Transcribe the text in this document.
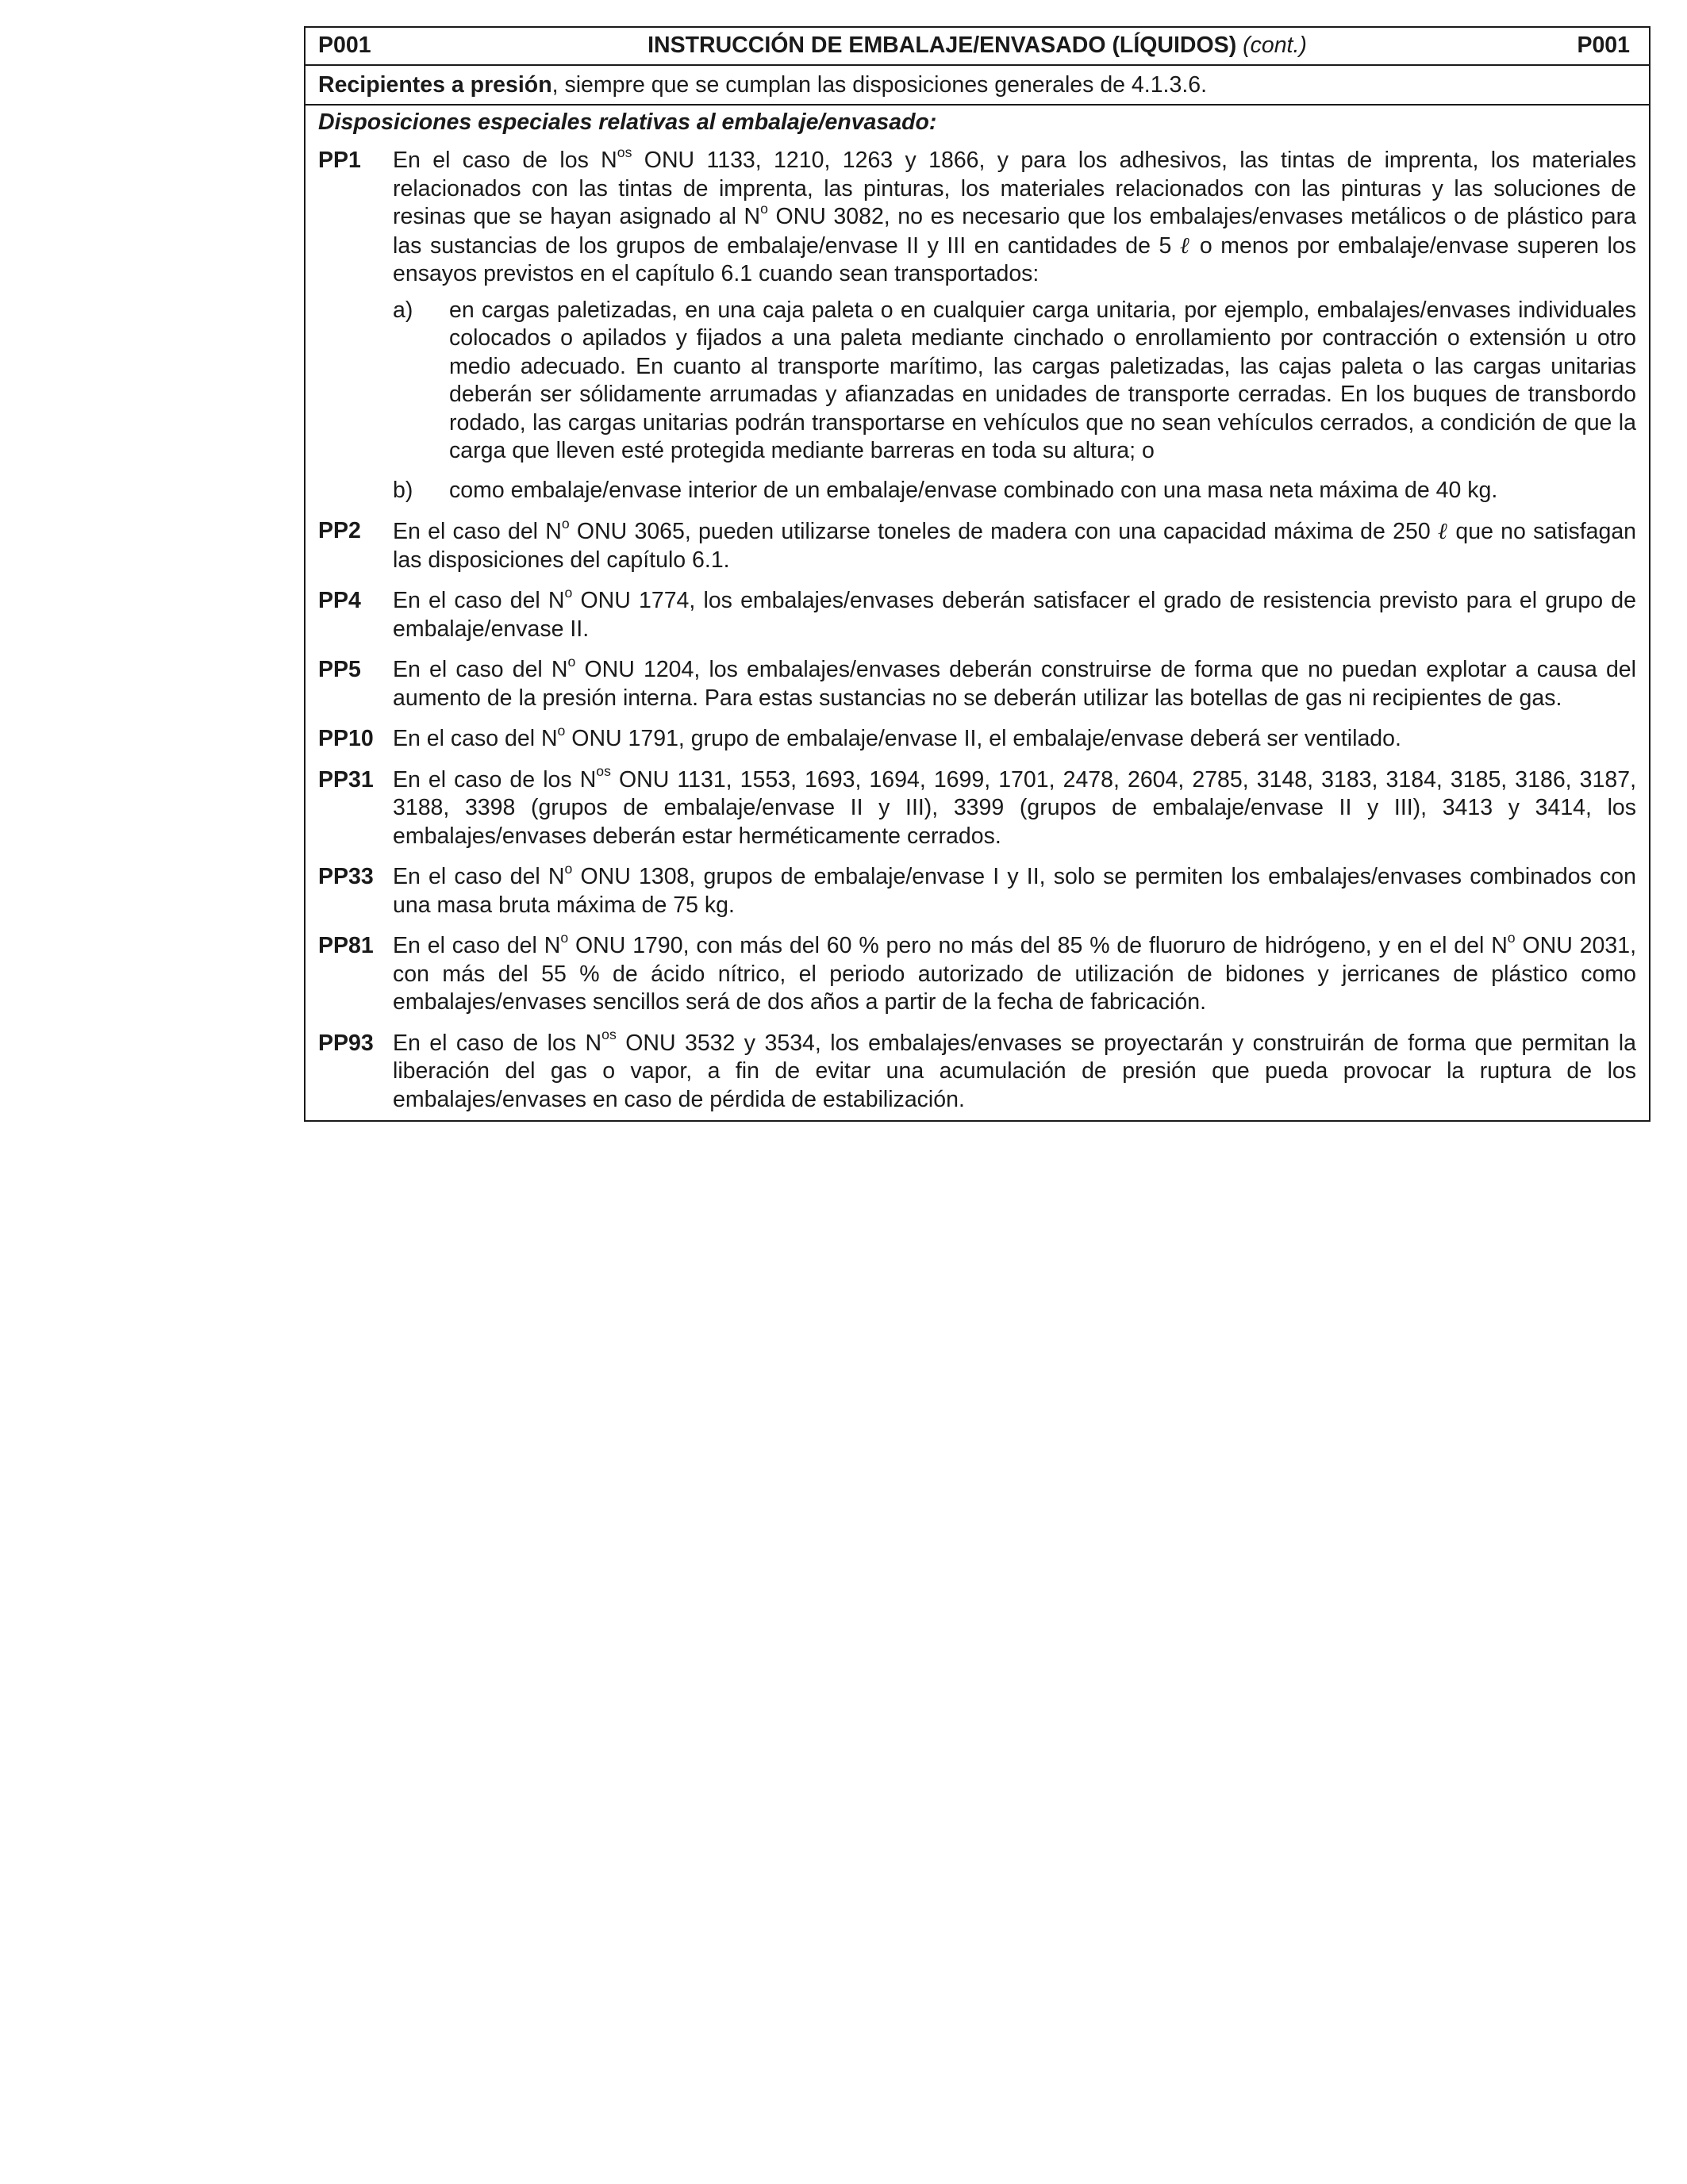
P001	INSTRUCCIÓN DE EMBALAJE/ENVASADO (LÍQUIDOS) (cont.)	P001
Recipientes a presión, siempre que se cumplan las disposiciones generales de 4.1.3.6.
Disposiciones especiales relativas al embalaje/envasado:
PP1	En el caso de los $N^{os}$ ONU 1133, 1210, 1263 y 1866, y para los adhesivos, las tintas de imprenta, los materiales relacionados con las tintas de imprenta, las pinturas, los materiales relacionados con las pinturas y las soluciones de resinas que se hayan asignado al $N^o$ ONU 3082, no es necesario que los embalajes/envases metálicos o de plástico para las sustancias de los grupos de embalaje/envase II y III en cantidades de 5 ℓ o menos por embalaje/envase superen los ensayos previstos en el capítulo 6.1 cuando sean transportados:
a)	en cargas paletizadas, en una caja paleta o en cualquier carga unitaria, por ejemplo, embalajes/envases individuales colocados o apilados y fijados a una paleta mediante cinchado o enrollamiento por contracción o extensión u otro medio adecuado. En cuanto al transporte marítimo, las cargas paletizadas, las cajas paleta o las cargas unitarias deberán ser sólidamente arrumadas y afianzadas en unidades de transporte cerradas. En los buques de transbordo rodado, las cargas unitarias podrán transportarse en vehículos que no sean vehículos cerrados, a condición de que la carga que lleven esté protegida mediante barreras en toda su altura; o
b)	como embalaje/envase interior de un embalaje/envase combinado con una masa neta máxima de 40 kg.
PP2	En el caso del $N^o$ ONU 3065, pueden utilizarse toneles de madera con una capacidad máxima de 250 ℓ que no satisfagan las disposiciones del capítulo 6.1.
PP4	En el caso del $N^o$ ONU 1774, los embalajes/envases deberán satisfacer el grado de resistencia previsto para el grupo de embalaje/envase II.
PP5	En el caso del $N^o$ ONU 1204, los embalajes/envases deberán construirse de forma que no puedan explotar a causa del aumento de la presión interna. Para estas sustancias no se deberán utilizar las botellas de gas ni recipientes de gas.
PP10 En el caso del $N^o$ ONU 1791, grupo de embalaje/envase II, el embalaje/envase deberá ser ventilado.
PP31 En el caso de los $N^{os}$ ONU 1131, 1553, 1693, 1694, 1699, 1701, 2478, 2604, 2785, 3148, 3183, 3184, 3185, 3186, 3187, 3188, 3398 (grupos de embalaje/envase II y III), 3399 (grupos de embalaje/envase II y III), 3413 y 3414, los embalajes/envases deberán estar herméticamente cerrados.
PP33 En el caso del $N^o$ ONU 1308, grupos de embalaje/envase I y II, solo se permiten los embalajes/envases combinados con una masa bruta máxima de 75 kg.
PP81 En el caso del $N^o$ ONU 1790, con más del 60 % pero no más del 85 % de fluoruro de hidrógeno, y en el del $N^o$ ONU 2031, con más del 55 % de ácido nítrico, el periodo autorizado de utilización de bidones y jerricanes de plástico como embalajes/envases sencillos será de dos años a partir de la fecha de fabricación.
PP93 En el caso de los $N^{os}$ ONU 3532 y 3534, los embalajes/envases se proyectarán y construirán de forma que permitan la liberación del gas o vapor, a fin de evitar una acumulación de presión que pueda provocar la ruptura de los embalajes/envases en caso de pérdida de estabilización.
